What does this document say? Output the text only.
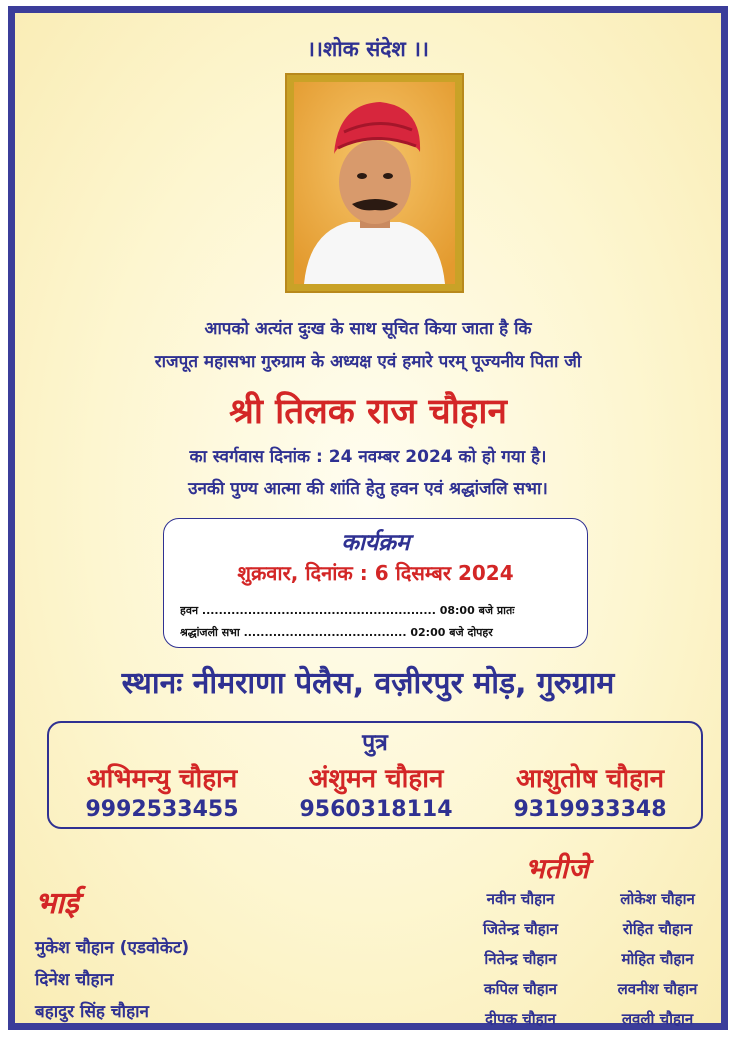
।।शोक संदेश ।।
आपको अत्यंत दुःख के साथ सूचित किया जाता है कि
राजपूत महासभा गुरुग्राम के अध्यक्ष एवं हमारे परम् पूज्यनीय पिता जी
श्री तिलक राज चौहान
का स्वर्गवास दिनांक : 24 नवम्बर 2024 को हो गया है।
उनकी पुण्य आत्मा की शांति हेतु हवन एवं श्रद्धांजलि सभा।
कार्यक्रम
शुक्रवार, दिनांक : 6 दिसम्बर 2024
हवन ........................................................ 08:00 बजे प्रातः
श्रद्धांजली सभा ....................................... 02:00 बजे दोपहर
स्थानः नीमराणा पेलैस, वज़ीरपुर मोड़, गुरुग्राम
पुत्र
अभिमन्यु चौहान	अंशुमन चौहान	आशुतोष चौहान
9992533455	9560318114	9319933348
भतीजे
नवीन चौहान
जितेन्द्र चौहान
नितेन्द्र चौहान
कपिल चौहान
दीपक चौहान
लोकेश चौहान
रोहित चौहान
मोहित चौहान
लवनीश चौहान
लवली चौहान
भाई
मुकेश चौहान (एडवोकेट)
दिनेश चौहान
बहादुर सिंह चौहान
